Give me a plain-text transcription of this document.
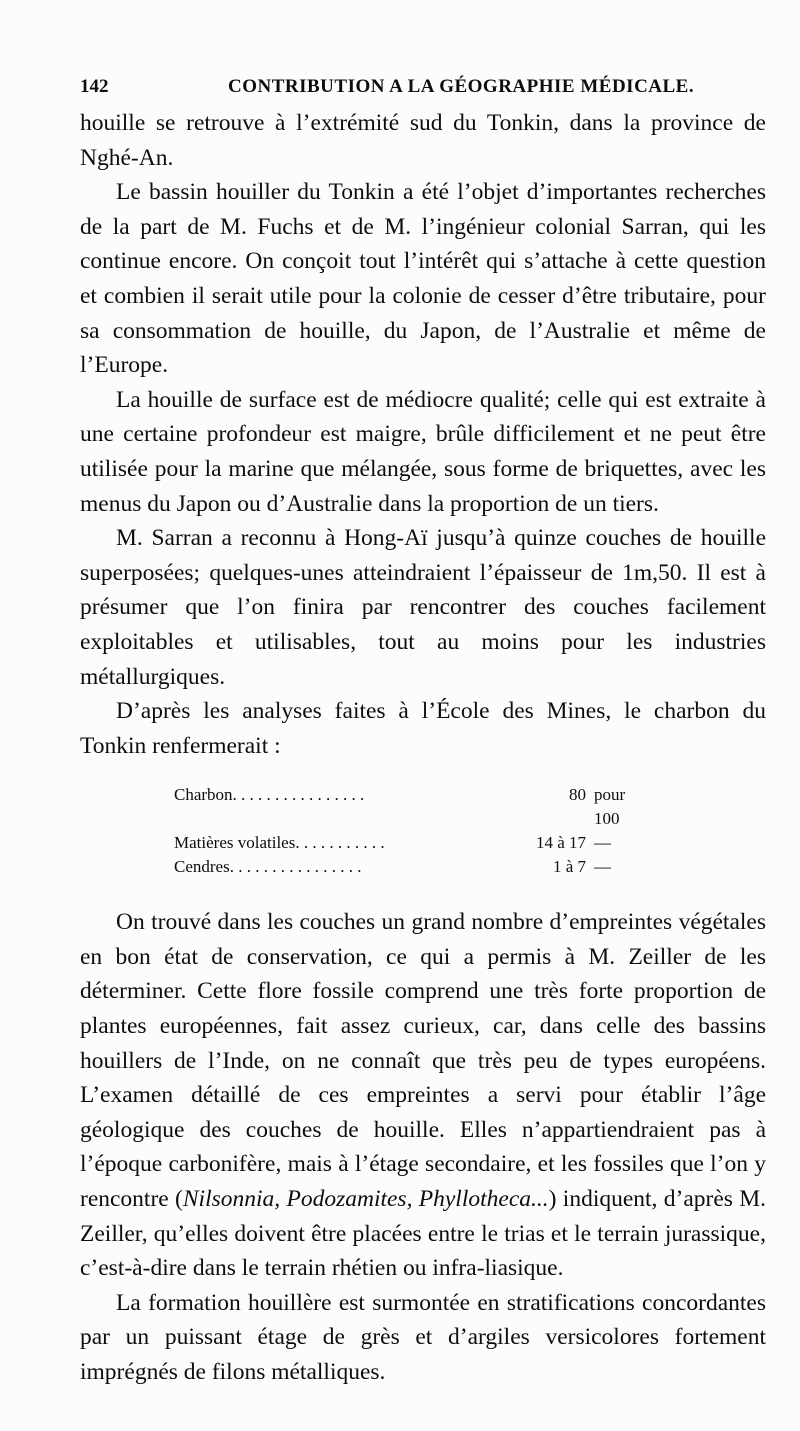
142	CONTRIBUTION A LA GÉOGRAPHIE MÉDICALE.

houille se retrouve à l’extrémité sud du Tonkin, dans la province de Nghé-An.

Le bassin houiller du Tonkin a été l’objet d’importantes recherches de la part de M. Fuchs et de M. l’ingénieur colonial Sarran, qui les continue encore. On conçoit tout l’intérêt qui s’attache à cette question et combien il serait utile pour la colonie de cesser d’être tributaire, pour sa consommation de houille, du Japon, de l’Australie et même de l’Europe.

La houille de surface est de médiocre qualité; celle qui est extraite à une certaine profondeur est maigre, brûle difficilement et ne peut être utilisée pour la marine que mélangée, sous forme de briquettes, avec les menus du Japon ou d’Australie dans la proportion de un tiers.

M. Sarran a reconnu à Hong-Aï jusqu’à quinze couches de houille superposées; quelques-unes atteindraient l’épaisseur de 1m,50. Il est à présumer que l’on finira par rencontrer des couches facilement exploitables et utilisables, tout au moins pour les industries métallurgiques.

D’après les analyses faites à l’École des Mines, le charbon du Tonkin renfermerait :

Charbon. . . . . . . . . . . . . . . .	80 pour 100
Matières volatiles. . . . . . . . . . .	14 à 17 —
Cendres. . . . . . . . . . . . . . . .	1 à 7 —

On trouvé dans les couches un grand nombre d’empreintes végétales en bon état de conservation, ce qui a permis à M. Zeiller de les déterminer. Cette flore fossile comprend une très forte proportion de plantes européennes, fait assez curieux, car, dans celle des bassins houillers de l’Inde, on ne connaît que très peu de types européens. L’examen détaillé de ces empreintes a servi pour établir l’âge géologique des couches de houille. Elles n’appartiendraient pas à l’époque carbonifère, mais à l’étage secondaire, et les fossiles que l’on y rencontre (Nilsonnia, Podozamites, Phyllotheca...) indiquent, d’après M. Zeiller, qu’elles doivent être placées entre le trias et le terrain jurassique, c’est-à-dire dans le terrain rhétien ou infra-liasique.

La formation houillère est surmontée en stratifications concordantes par un puissant étage de grès et d’argiles versicolores fortement imprégnés de filons métalliques.
